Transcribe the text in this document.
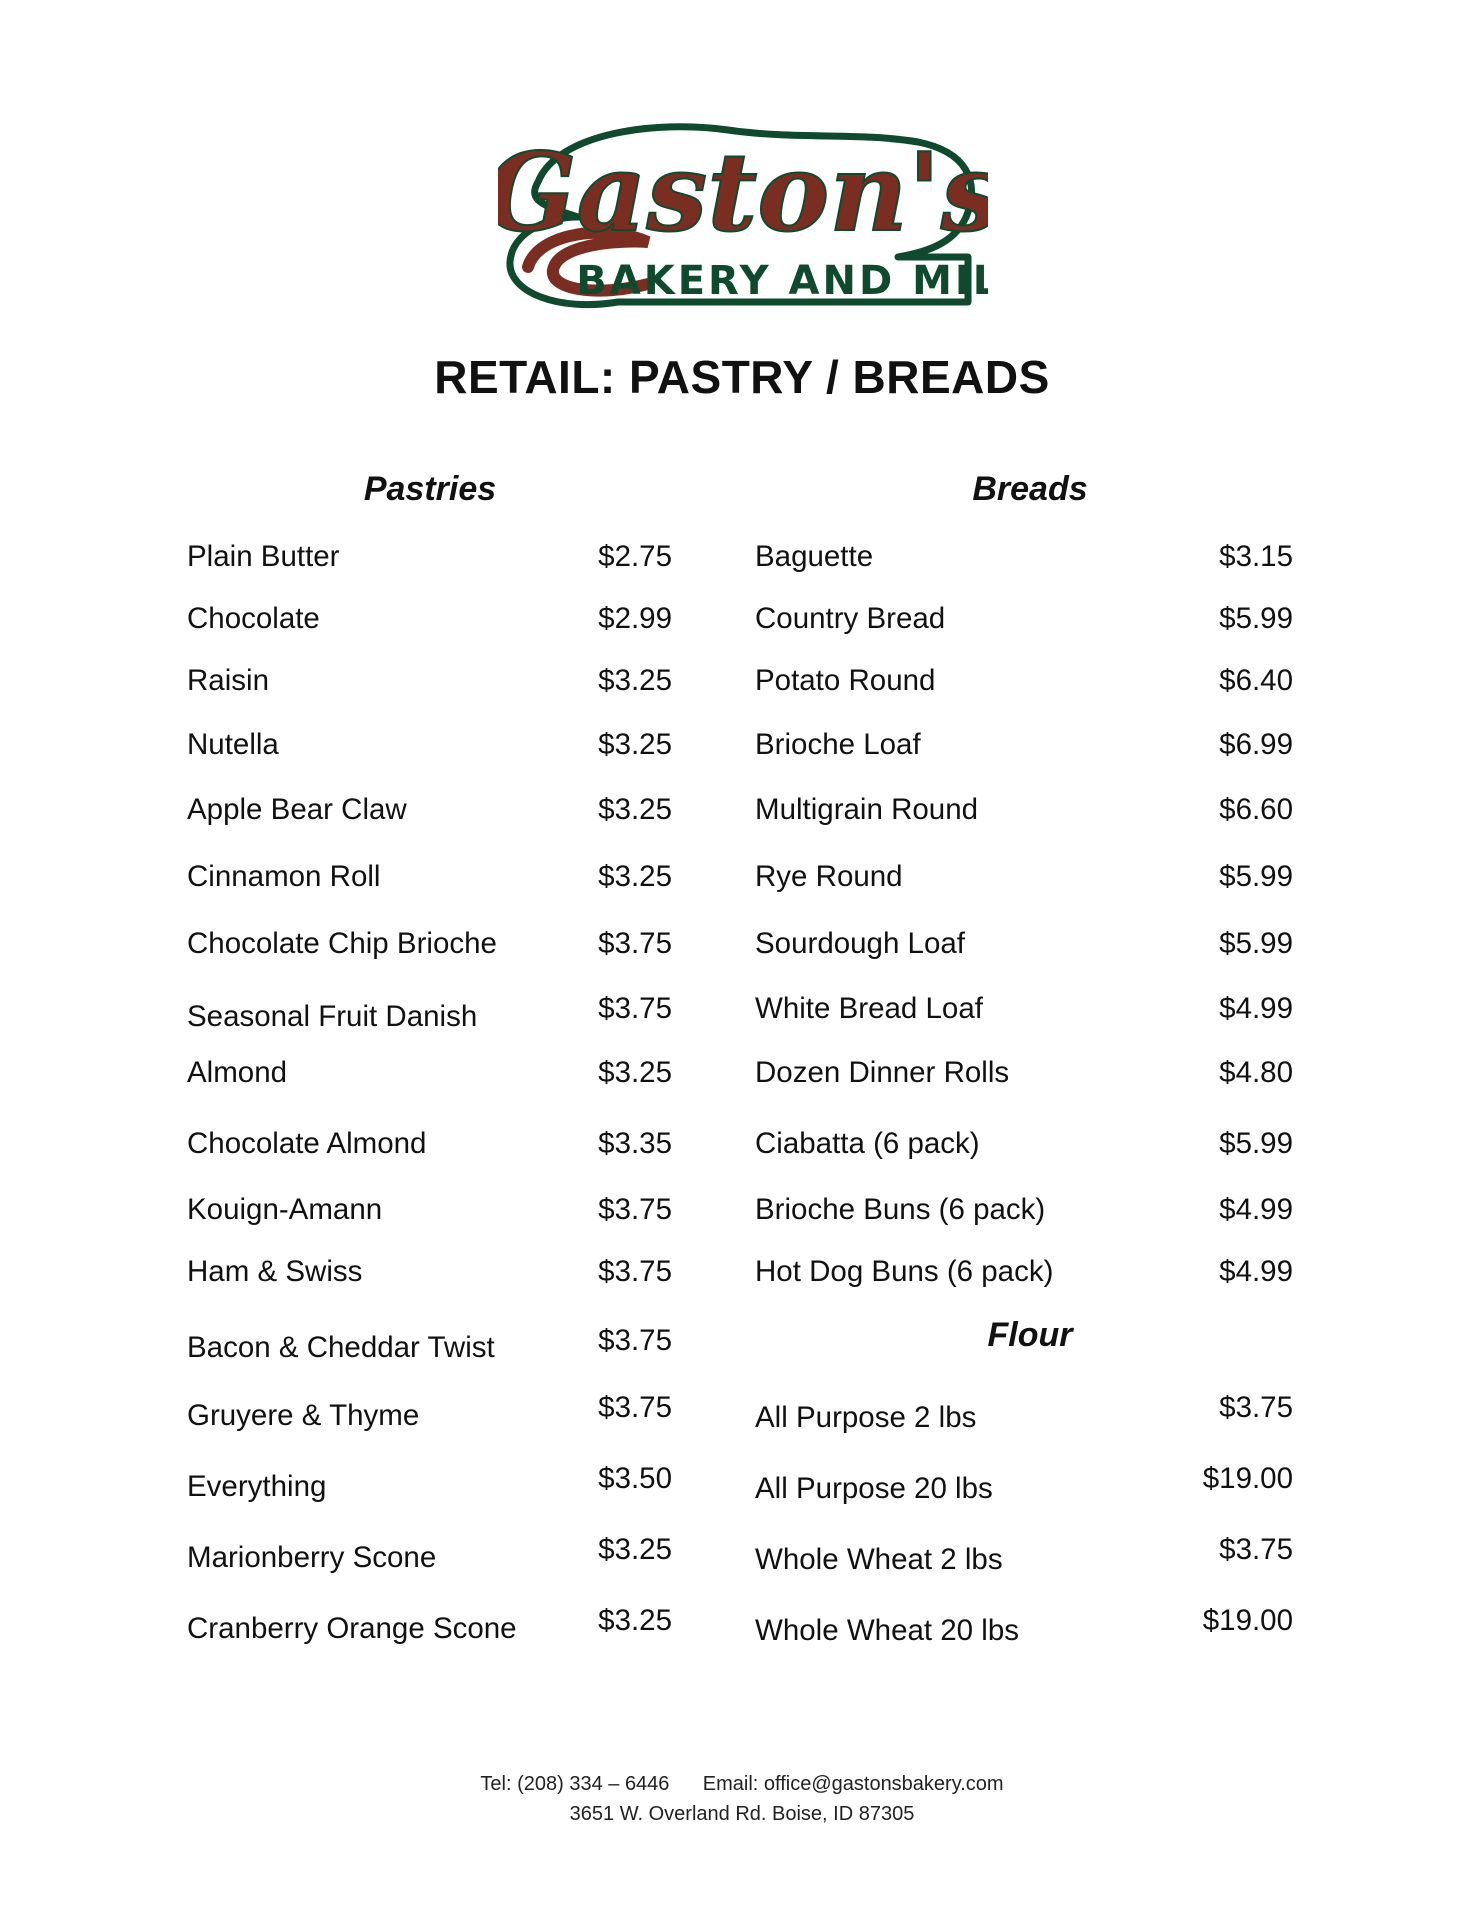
Gaston's
BAKERY AND MILL
RETAIL: PASTRY / BREADS
Pastries	Breads
Flour
Plain Butter	$2.75
Chocolate	$2.99
Raisin	$3.25
Nutella	$3.25
Apple Bear Claw	$3.25
Cinnamon Roll	$3.25
Chocolate Chip Brioche	$3.75
Seasonal Fruit Danish	$3.75
Almond	$3.25
Chocolate Almond	$3.35
Kouign-Amann	$3.75
Ham & Swiss	$3.75
Bacon & Cheddar Twist	$3.75
Gruyere & Thyme	$3.75
Everything	$3.50
Marionberry Scone	$3.25
Cranberry Orange Scone	$3.25
Baguette	$3.15
Country Bread	$5.99
Potato Round	$6.40
Brioche Loaf	$6.99
Multigrain Round	$6.60
Rye Round	$5.99
Sourdough Loaf	$5.99
White Bread Loaf	$4.99
Dozen Dinner Rolls	$4.80
Ciabatta (6 pack)	$5.99
Brioche Buns (6 pack)	$4.99
Hot Dog Buns (6 pack)	$4.99
All Purpose 2 lbs	$3.75
All Purpose 20 lbs	$19.00
Whole Wheat 2 lbs	$3.75
Whole Wheat 20 lbs	$19.00
Tel: (208) 334 – 6446      Email: office@gastonsbakery.com
3651 W. Overland Rd. Boise, ID 87305
